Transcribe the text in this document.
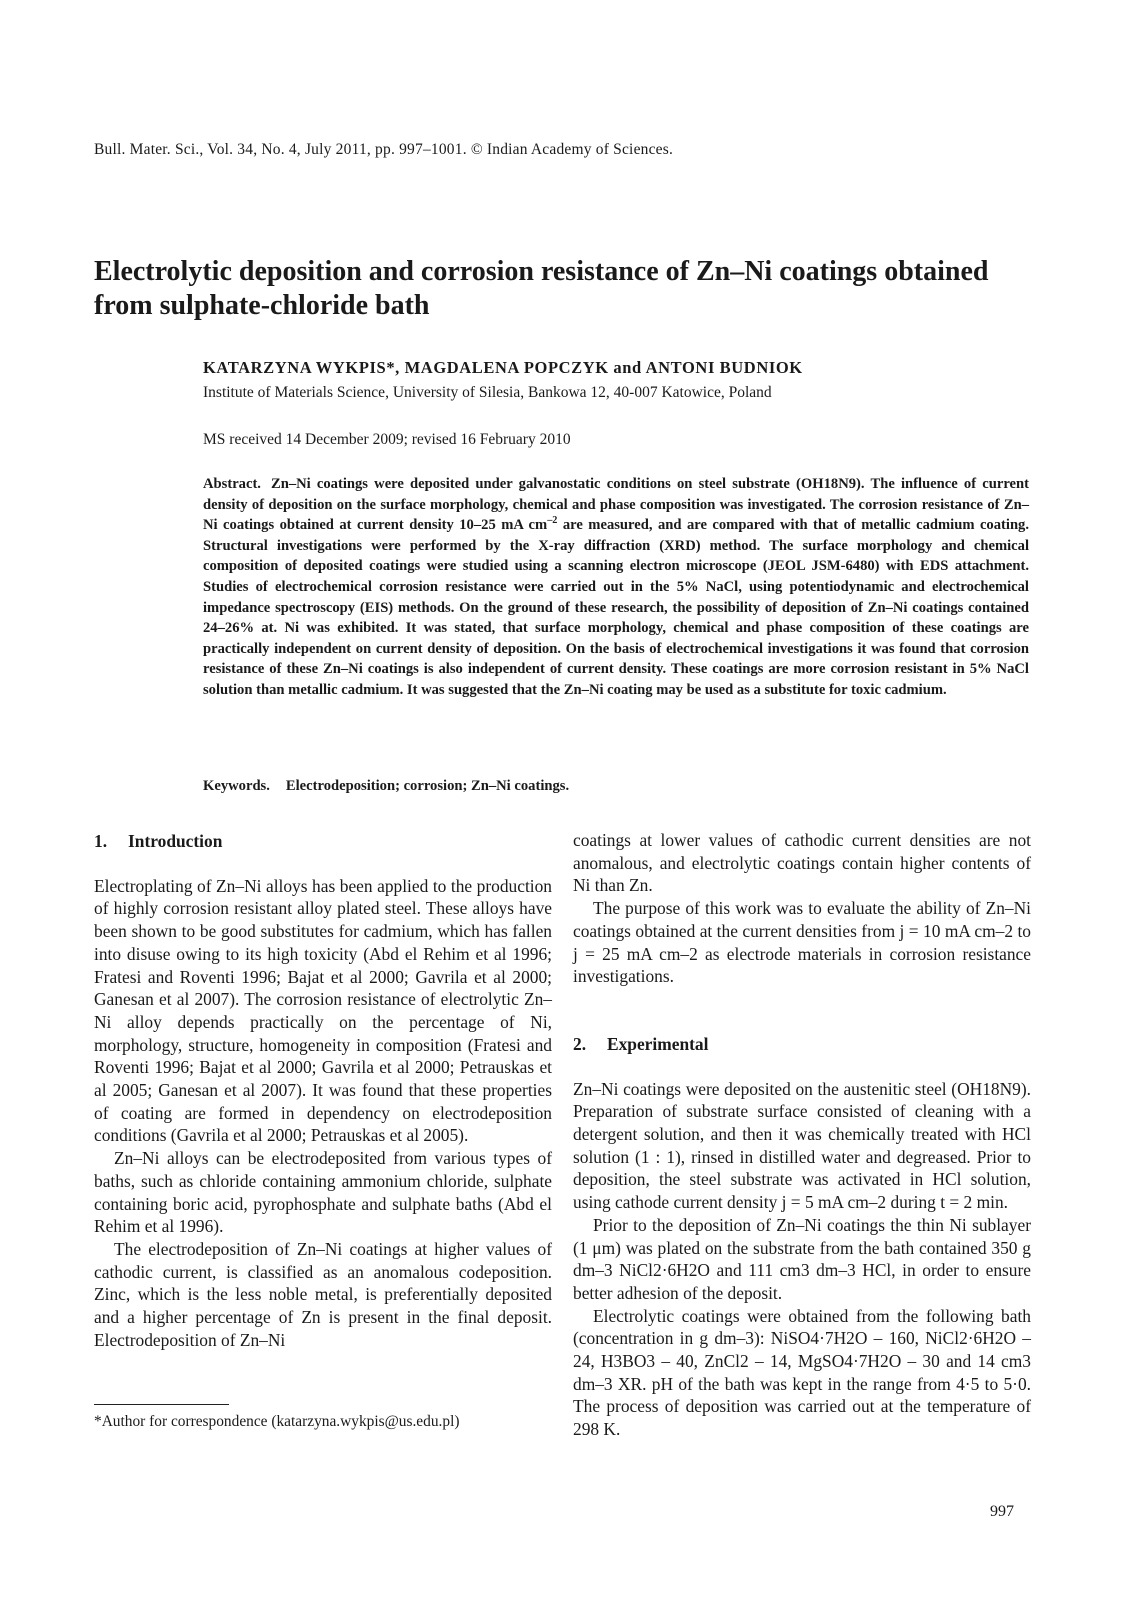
Bull. Mater. Sci., Vol. 34, No. 4, July 2011, pp. 997–1001. © Indian Academy of Sciences.
Electrolytic deposition and corrosion resistance of Zn–Ni coatings obtained from sulphate-chloride bath
KATARZYNA WYKPIS*, MAGDALENA POPCZYK and ANTONI BUDNIOK
Institute of Materials Science, University of Silesia, Bankowa 12, 40-007 Katowice, Poland
MS received 14 December 2009; revised 16 February 2010
Abstract. Zn–Ni coatings were deposited under galvanostatic conditions on steel substrate (OH18N9). The influence of current density of deposition on the surface morphology, chemical and phase composition was investigated. The corrosion resistance of Zn–Ni coatings obtained at current density 10–25 mA $cm^{-2}$ are measured, and are compared with that of metallic cadmium coating. Structural investigations were performed by the X-ray diffraction (XRD) method. The surface morphology and chemical composition of deposited coatings were studied using a scanning electron microscope (JEOL JSM-6480) with EDS attachment. Studies of electrochemical corrosion resistance were carried out in the 5% NaCl, using potentiodynamic and electrochemical impedance spectroscopy (EIS) methods. On the ground of these research, the possibility of deposition of Zn–Ni coatings contained 24–26% at. Ni was exhibited. It was stated, that surface morphology, chemical and phase composition of these coatings are practically independent on current density of deposition. On the basis of electrochemical investigations it was found that corrosion resistance of these Zn–Ni coatings is also independent of current density. These coatings are more corrosion resistant in 5% NaCl solution than metallic cadmium. It was suggested that the Zn–Ni coating may be used as a substitute for toxic cadmium.
Keywords. Electrodeposition; corrosion; Zn–Ni coatings.
1. Introduction

Electroplating of Zn–Ni alloys has been applied to the production of highly corrosion resistant alloy plated steel. These alloys have been shown to be good substitutes for cadmium, which has fallen into disuse owing to its high toxicity (Abd el Rehim et al 1996; Fratesi and Roventi 1996; Bajat et al 2000; Gavrila et al 2000; Ganesan et al 2007). The corrosion resistance of electrolytic Zn–Ni alloy depends practically on the percentage of Ni, morphology, structure, homogeneity in composition (Fratesi and Roventi 1996; Bajat et al 2000; Gavrila et al 2000; Petrauskas et al 2005; Ganesan et al 2007). It was found that these properties of coating are formed in dependency on electrodeposition conditions (Gavrila et al 2000; Petrauskas et al 2005).

Zn–Ni alloys can be electrodeposited from various types of baths, such as chloride containing ammonium chloride, sulphate containing boric acid, pyrophosphate and sulphate baths (Abd el Rehim et al 1996).

The electrodeposition of Zn–Ni coatings at higher values of cathodic current, is classified as an anomalous codeposition. Zinc, which is the less noble metal, is preferentially deposited and a higher percentage of Zn is present in the final deposit. Electrodeposition of Zn–Ni

coatings at lower values of cathodic current densities are not anomalous, and electrolytic coatings contain higher contents of Ni than Zn.

The purpose of this work was to evaluate the ability of Zn–Ni coatings obtained at the current densities from j = 10 mA cm–2 to j = 25 mA cm–2 as electrode materials in corrosion resistance investigations.

2. Experimental

Zn–Ni coatings were deposited on the austenitic steel (OH18N9). Preparation of substrate surface consisted of cleaning with a detergent solution, and then it was chemically treated with HCl solution (1 : 1), rinsed in distilled water and degreased. Prior to deposition, the steel substrate was activated in HCl solution, using cathode current density j = 5 mA cm–2 during t = 2 min.

Prior to the deposition of Zn–Ni coatings the thin Ni sublayer (1 μm) was plated on the substrate from the bath contained 350 g dm–3 NiCl2·6H2O and 111 cm3 dm–3 HCl, in order to ensure better adhesion of the deposit.

Electrolytic coatings were obtained from the following bath (concentration in g dm–3): NiSO4·7H2O – 160, NiCl2·6H2O – 24, H3BO3 – 40, ZnCl2 – 14, MgSO4·7H2O – 30 and 14 cm3 dm–3 XR. pH of the bath was kept in the range from 4·5 to 5·0. The process of deposition was carried out at the temperature of 298 K.

*Author for correspondence (katarzyna.wykpis@us.edu.pl)
997
